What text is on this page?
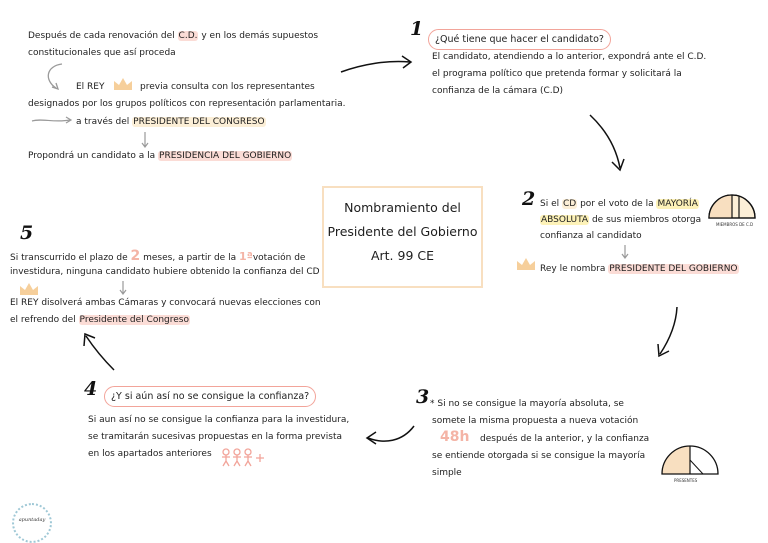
Nombramiento del
Presidente del Gobierno
Art. 99 CE
Después de cada renovación del C.D. y en los demás supuestos
constitucionales que así proceda
El REY	previa consulta con los representantes
designados por los grupos políticos con representación parlamentaria.
a través del PRESIDENTE DEL CONGRESO
Propondrá un candidato a la PRESIDENCIA DEL GOBIERNO
1	¿Qué tiene que hacer el candidato?
El candidato, atendiendo a lo anterior, expondrá ante el C.D.
el programa político que pretenda formar y solicitará la
confianza de la cámara (C.D)
2 Si el CD por el voto de la MAYORÍA
ABSOLUTA de sus miembros otorga
confianza al candidato
Rey le nombra PRESIDENTE DEL GOBIERNO
MIEMBROS DE C.D
3 * Si no se consigue la mayoría absoluta, se
somete la misma propuesta a nueva votación
48h después de la anterior, y la confianza
se entiende otorgada si se consigue la mayoría
simple
PRESENTES
4	¿Y si aún así no se consigue la confianza?
Si aun así no se consigue la confianza para la investidura,
se tramitarán sucesivas propuestas en la forma prevista
en los apartados anteriores
5
Si transcurrido el plazo de 2 meses, a partir de la 1ªvotación de
investidura, ninguna candidato hubiere obtenido la confianza del CD
El REY disolverá ambas Cámaras y convocará nuevas elecciones con
el refrendo del Presidente del Congreso
apuntaday
